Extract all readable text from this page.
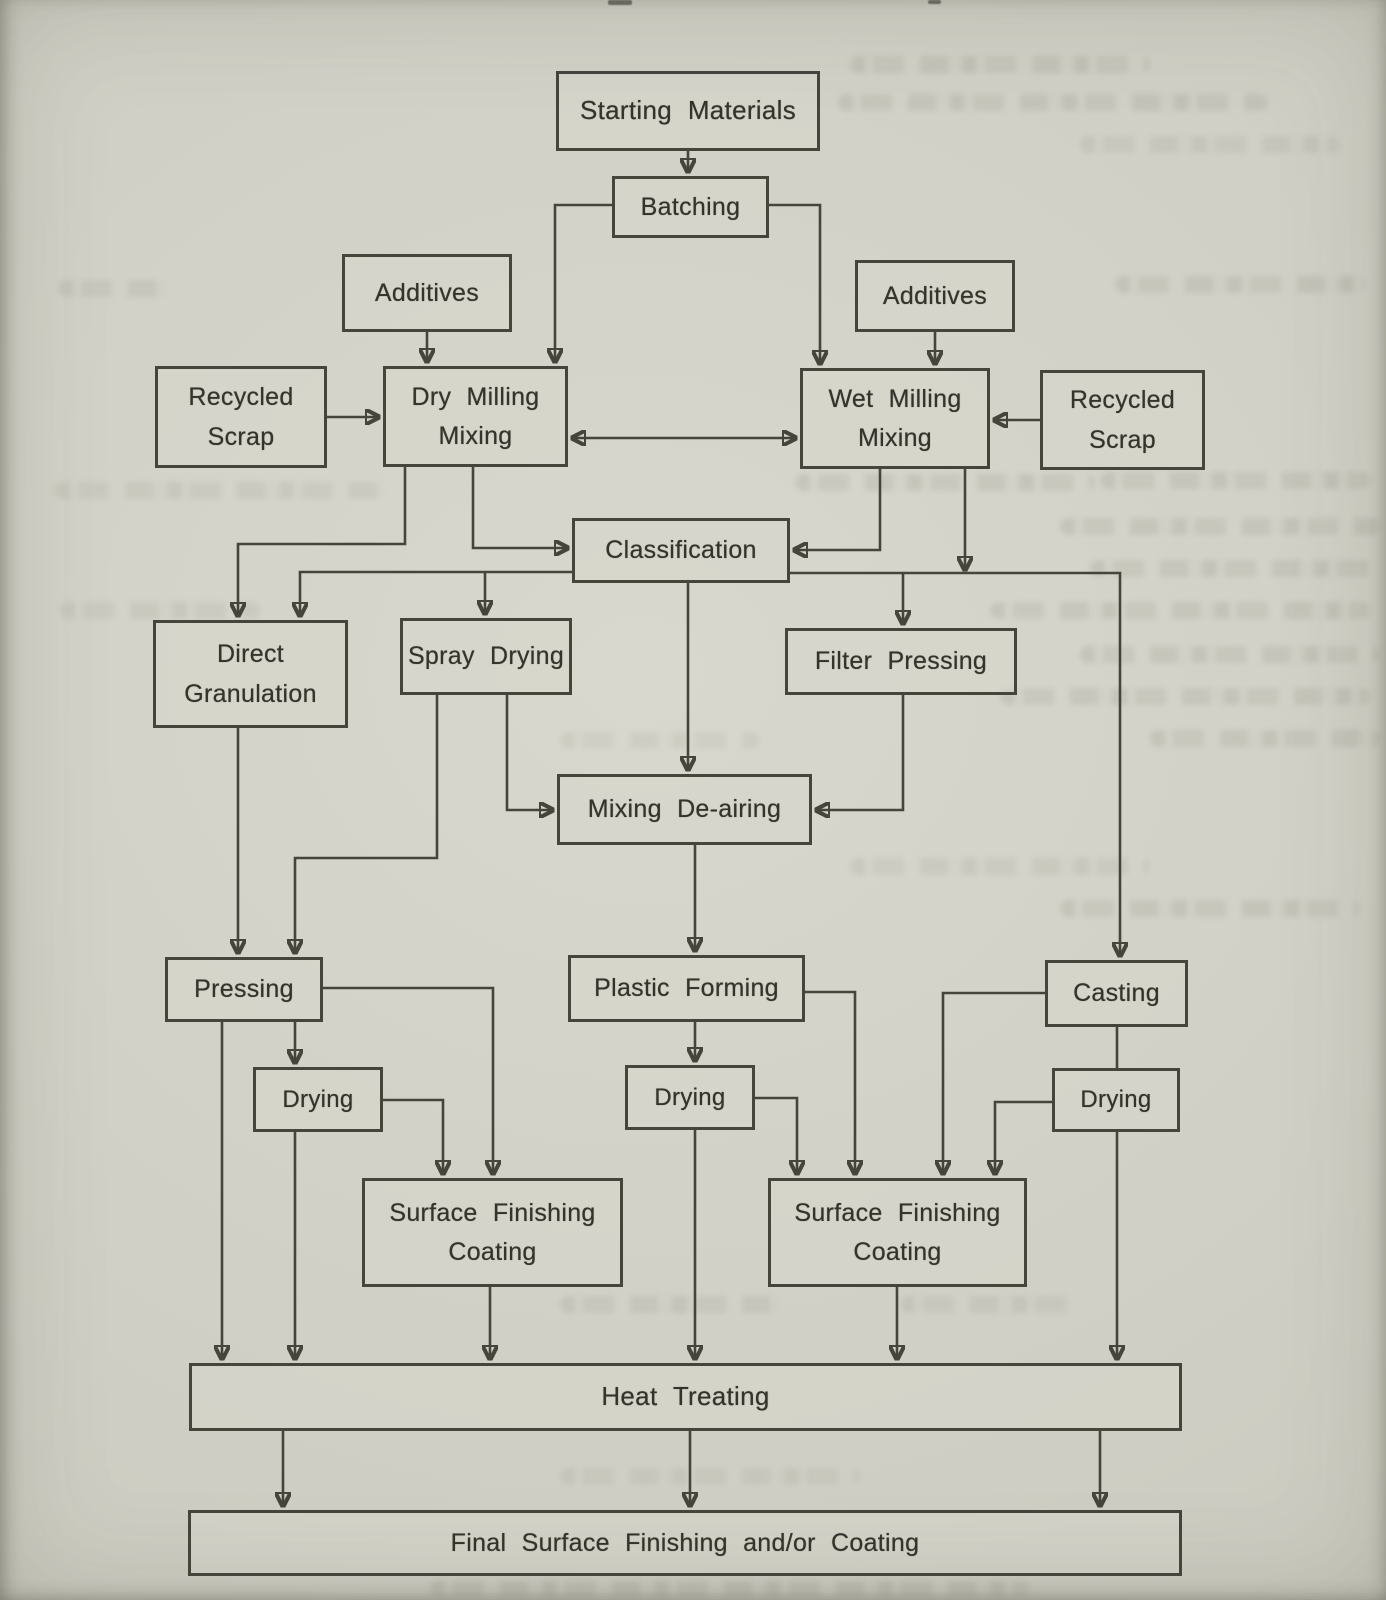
Starting Materials
Batching
Additives
Recycled
Scrap
Dry Milling
Mixing
Wet Milling
Mixing
Additives
Recycled
Scrap
Classification
Direct
Granulation
Spray Drying	Filter Pressing
Mixing De-airing
Pressing	Plastic Forming	Casting
Drying	Drying	Drying
Surface Finishing
Coating
Surface Finishing
Coating
Heat Treating
Final Surface Finishing and/or Coating
